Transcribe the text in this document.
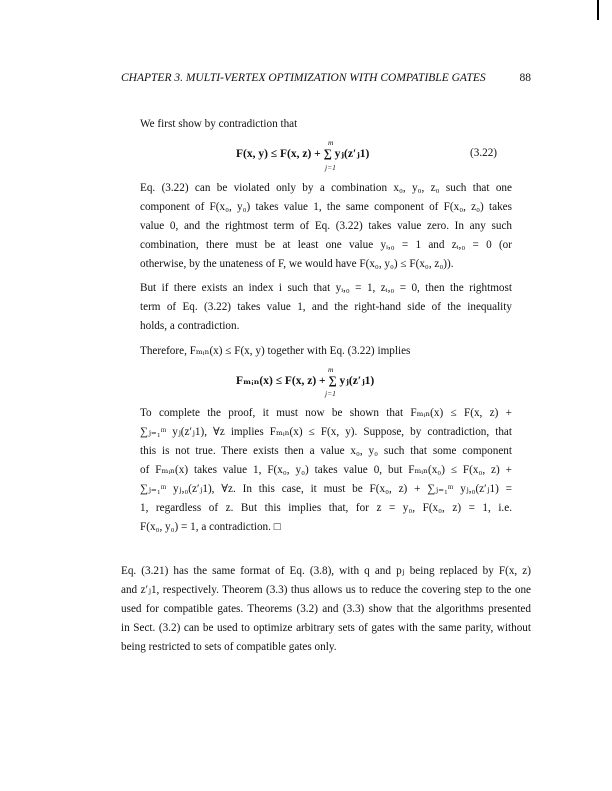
CHAPTER 3. MULTI-VERTEX OPTIMIZATION WITH COMPATIBLE GATES	88
We first show by contradiction that
F(x, y) ≤ F(x, z) + ∑ yⱼ(z′ⱼ1)
m
j=1
(3.22)
Eq. (3.22) can be violated only by a combination x₀, y₀, z₀ such that one
component of F(x₀, y₀) takes value 1, the same component of F(x₀, z₀) takes
value 0, and the rightmost term of Eq. (3.22) takes value zero. In any such
combination, there must be at least one value yᵢ,₀ = 1 and zᵢ,₀ = 0 (or
otherwise, by the unateness of F, we would have F(x₀, y₀) ≤ F(x₀, z₀)).
But if there exists an index i such that yᵢ,₀ = 1, zᵢ,₀ = 0, then the rightmost
term of Eq. (3.22) takes value 1, and the right-hand side of the inequality
holds, a contradiction.
Therefore, Fₘᵢₙ(x) ≤ F(x, y) together with Eq. (3.22) implies
Fₘᵢₙ(x) ≤ F(x, z) + ∑ yⱼ(z′ⱼ1)
m
j=1
To complete the proof, it must now be shown that Fₘᵢₙ(x) ≤ F(x, z) +
∑ⱼ₌₁ᵐ yⱼ(z′ⱼ1), ∀z implies Fₘᵢₙ(x) ≤ F(x, y). Suppose, by contradiction, that
this is not true. There exists then a value x₀, y₀ such that some component
of Fₘᵢₙ(x) takes value 1, F(x₀, y₀) takes value 0, but Fₘᵢₙ(x₀) ≤ F(x₀, z) +
∑ⱼ₌₁ᵐ yⱼ,₀(z′ⱼ1), ∀z. In this case, it must be F(x₀, z) + ∑ⱼ₌₁ᵐ yⱼ,₀(z′ⱼ1) =
1, regardless of z. But this implies that, for z = y₀, F(x₀, z) = 1, i.e.
F(x₀, y₀) = 1, a contradiction. □
Eq. (3.21) has the same format of Eq. (3.8), with q and pⱼ being replaced by F(x, z)
and z′ⱼ1, respectively. Theorem (3.3) thus allows us to reduce the covering step to the one
used for compatible gates. Theorems (3.2) and (3.3) show that the algorithms presented
in Sect. (3.2) can be used to optimize arbitrary sets of gates with the same parity, without
being restricted to sets of compatible gates only.
